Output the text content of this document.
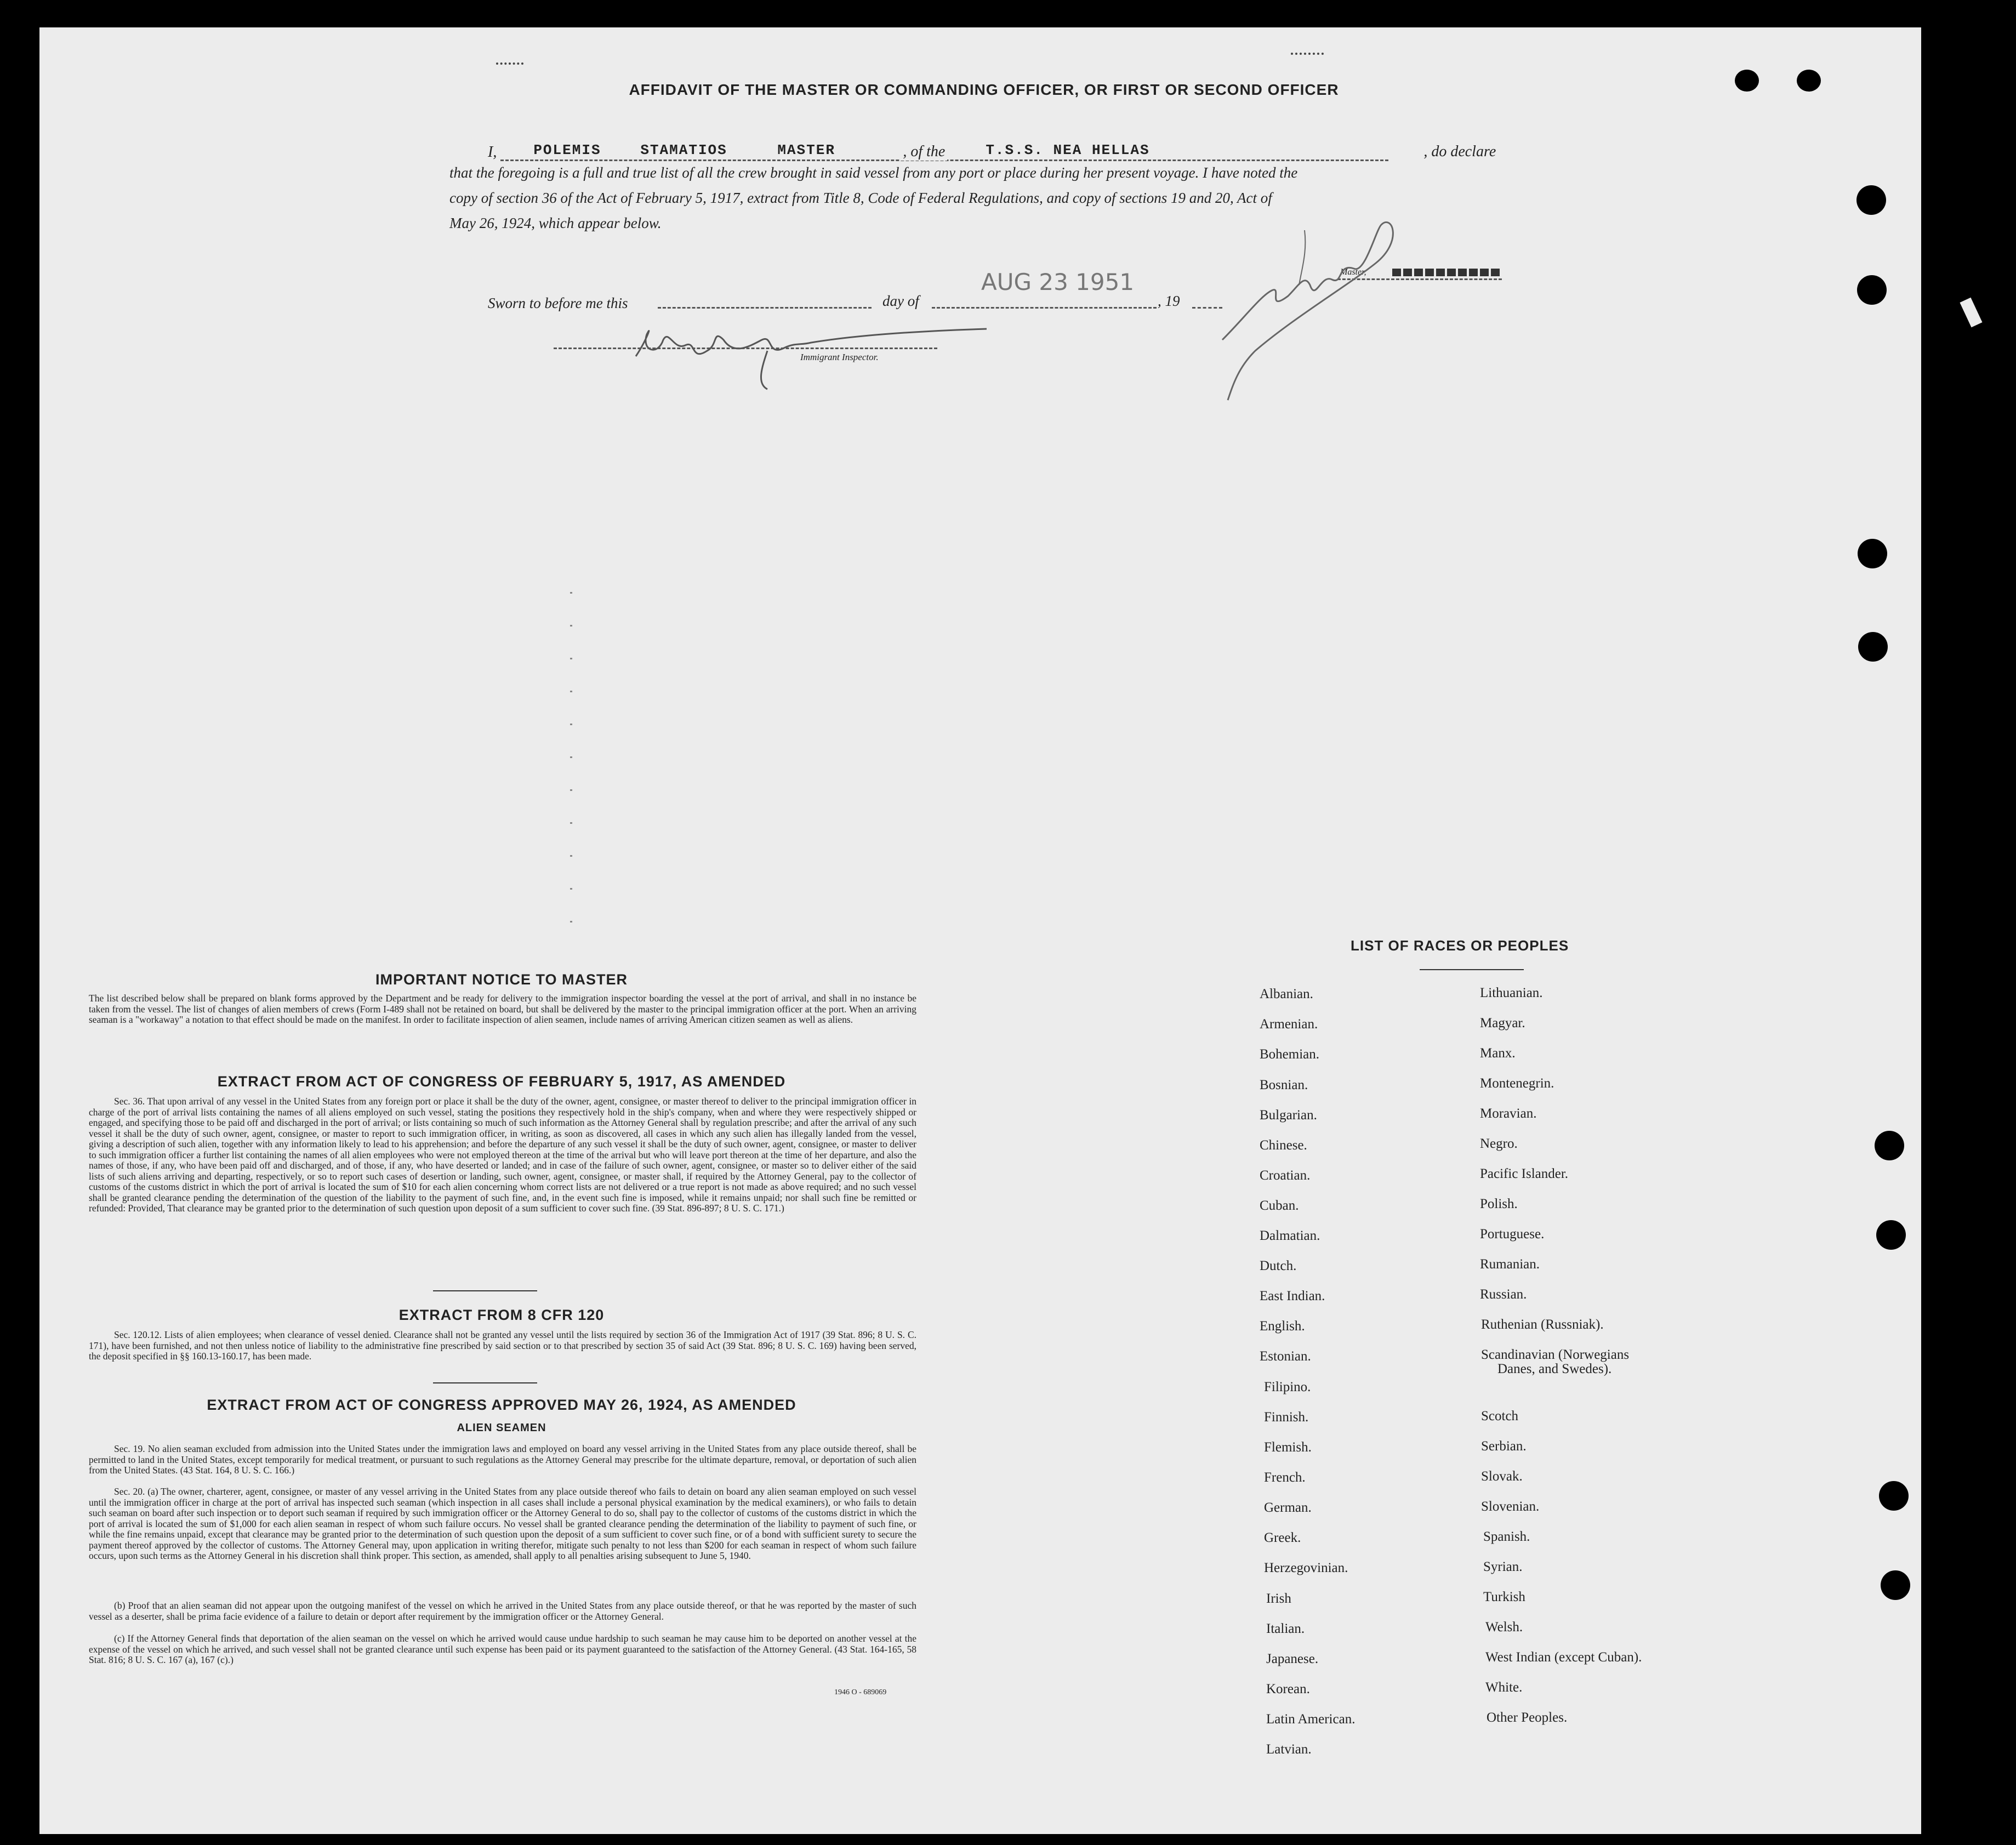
AFFIDAVIT OF THE MASTER OR COMMANDING OFFICER, OR FIRST OR SECOND OFFICER
I,	POLEMIS	STAMATIOS	MASTER	, of the	T.S.S. NEA HELLAS	, do declare
that the foregoing is a full and true list of all the crew brought in said vessel from any port or place during her present voyage. I have noted the
copy of section 36 of the Act of February 5, 1917, extract from Title 8, Code of Federal Regulations, and copy of sections 19 and 20, Act of
May 26, 1924, which appear below.
Sworn to before me this	day of
AUG 23 1951
, 19
Master,
Immigrant Inspector.
IMPORTANT NOTICE TO MASTER
The list described below shall be prepared on blank forms approved by the Department and be ready for delivery to the immigration inspector boarding the vessel at the port of arrival, and shall in no instance be taken from the vessel. The list of changes of alien members of crews (Form I-489 shall not be retained on board, but shall be delivered by the master to the principal immigration officer at the port. When an arriving seaman is a "workaway" a notation to that effect should be made on the manifest. In order to facilitate inspection of alien seamen, include names of arriving American citizen seamen as well as aliens.
EXTRACT FROM ACT OF CONGRESS OF FEBRUARY 5, 1917, AS AMENDED
Sec. 36. That upon arrival of any vessel in the United States from any foreign port or place it shall be the duty of the owner, agent, consignee, or master thereof to deliver to the principal immigration officer in charge of the port of arrival lists containing the names of all aliens employed on such vessel, stating the positions they respectively hold in the ship's company, when and where they were respectively shipped or engaged, and specifying those to be paid off and discharged in the port of arrival; or lists containing so much of such information as the Attorney General shall by regulation prescribe; and after the arrival of any such vessel it shall be the duty of such owner, agent, consignee, or master to report to such immigration officer, in writing, as soon as discovered, all cases in which any such alien has illegally landed from the vessel, giving a description of such alien, together with any information likely to lead to his apprehension; and before the departure of any such vessel it shall be the duty of such owner, agent, consignee, or master to deliver to such immigration officer a further list containing the names of all alien employees who were not employed thereon at the time of the arrival but who will leave port thereon at the time of her departure, and also the names of those, if any, who have been paid off and discharged, and of those, if any, who have deserted or landed; and in case of the failure of such owner, agent, consignee, or master so to deliver either of the said lists of such aliens arriving and departing, respectively, or so to report such cases of desertion or landing, such owner, agent, consignee, or master shall, if required by the Attorney General, pay to the collector of customs of the customs district in which the port of arrival is located the sum of $10 for each alien concerning whom correct lists are not delivered or a true report is not made as above required; and no such vessel shall be granted clearance pending the determination of the question of the liability to the payment of such fine, and, in the event such fine is imposed, while it remains unpaid; nor shall such fine be remitted or refunded: Provided, That clearance may be granted prior to the determination of such question upon deposit of a sum sufficient to cover such fine. (39 Stat. 896-897; 8 U. S. C. 171.)
EXTRACT FROM 8 CFR 120
Sec. 120.12. Lists of alien employees; when clearance of vessel denied. Clearance shall not be granted any vessel until the lists required by section 36 of the Immigration Act of 1917 (39 Stat. 896; 8 U. S. C. 171), have been furnished, and not then unless notice of liability to the administrative fine prescribed by said section or to that prescribed by section 35 of said Act (39 Stat. 896; 8 U. S. C. 169) having been served, the deposit specified in §§ 160.13-160.17, has been made.
EXTRACT FROM ACT OF CONGRESS APPROVED MAY 26, 1924, AS AMENDED
ALIEN SEAMEN
Sec. 19. No alien seaman excluded from admission into the United States under the immigration laws and employed on board any vessel arriving in the United States from any place outside thereof, shall be permitted to land in the United States, except temporarily for medical treatment, or pursuant to such regulations as the Attorney General may prescribe for the ultimate departure, removal, or deportation of such alien from the United States. (43 Stat. 164, 8 U. S. C. 166.)
Sec. 20. (a) The owner, charterer, agent, consignee, or master of any vessel arriving in the United States from any place outside thereof who fails to detain on board any alien seaman employed on such vessel until the immigration officer in charge at the port of arrival has inspected such seaman (which inspection in all cases shall include a personal physical examination by the medical examiners), or who fails to detain such seaman on board after such inspection or to deport such seaman if required by such immigration officer or the Attorney General to do so, shall pay to the collector of customs of the customs district in which the port of arrival is located the sum of $1,000 for each alien seaman in respect of whom such failure occurs. No vessel shall be granted clearance pending the determination of the liability to payment of such fine, or while the fine remains unpaid, except that clearance may be granted prior to the determination of such question upon the deposit of a sum sufficient to cover such fine, or of a bond with sufficient surety to secure the payment thereof approved by the collector of customs. The Attorney General may, upon application in writing therefor, mitigate such penalty to not less than $200 for each seaman in respect of whom such failure occurs, upon such terms as the Attorney General in his discretion shall think proper. This section, as amended, shall apply to all penalties arising subsequent to June 5, 1940.
(b) Proof that an alien seaman did not appear upon the outgoing manifest of the vessel on which he arrived in the United States from any place outside thereof, or that he was reported by the master of such vessel as a deserter, shall be prima facie evidence of a failure to detain or deport after requirement by the immigration officer or the Attorney General.
(c) If the Attorney General finds that deportation of the alien seaman on the vessel on which he arrived would cause undue hardship to such seaman he may cause him to be deported on another vessel at the expense of the vessel on which he arrived, and such vessel shall not be granted clearance until such expense has been paid or its payment guaranteed to the satisfaction of the Attorney General. (43 Stat. 164-165, 58 Stat. 816; 8 U. S. C. 167 (a), 167 (c).)
1946 O - 689069
LIST OF RACES OR PEOPLES
Albanian.
Armenian.
Bohemian.
Bosnian.
Bulgarian.
Chinese.
Croatian.
Cuban.
Dalmatian.
Dutch.
East Indian.
English.
Estonian.
Filipino.
Finnish.
Flemish.
French.
German.
Greek.
Herzegovinian.
Irish
Italian.
Japanese.
Korean.
Latin American.
Latvian.
Lithuanian.
Magyar.
Manx.
Montenegrin.
Moravian.
Negro.
Pacific Islander.
Polish.
Portuguese.
Rumanian.
Russian.
Ruthenian (Russniak).
Scandinavian (Norwegians
Danes, and Swedes).
Scotch
Serbian.
Slovak.
Slovenian.
Spanish.
Syrian.
Turkish
Welsh.
West Indian (except Cuban).
White.
Other Peoples.
